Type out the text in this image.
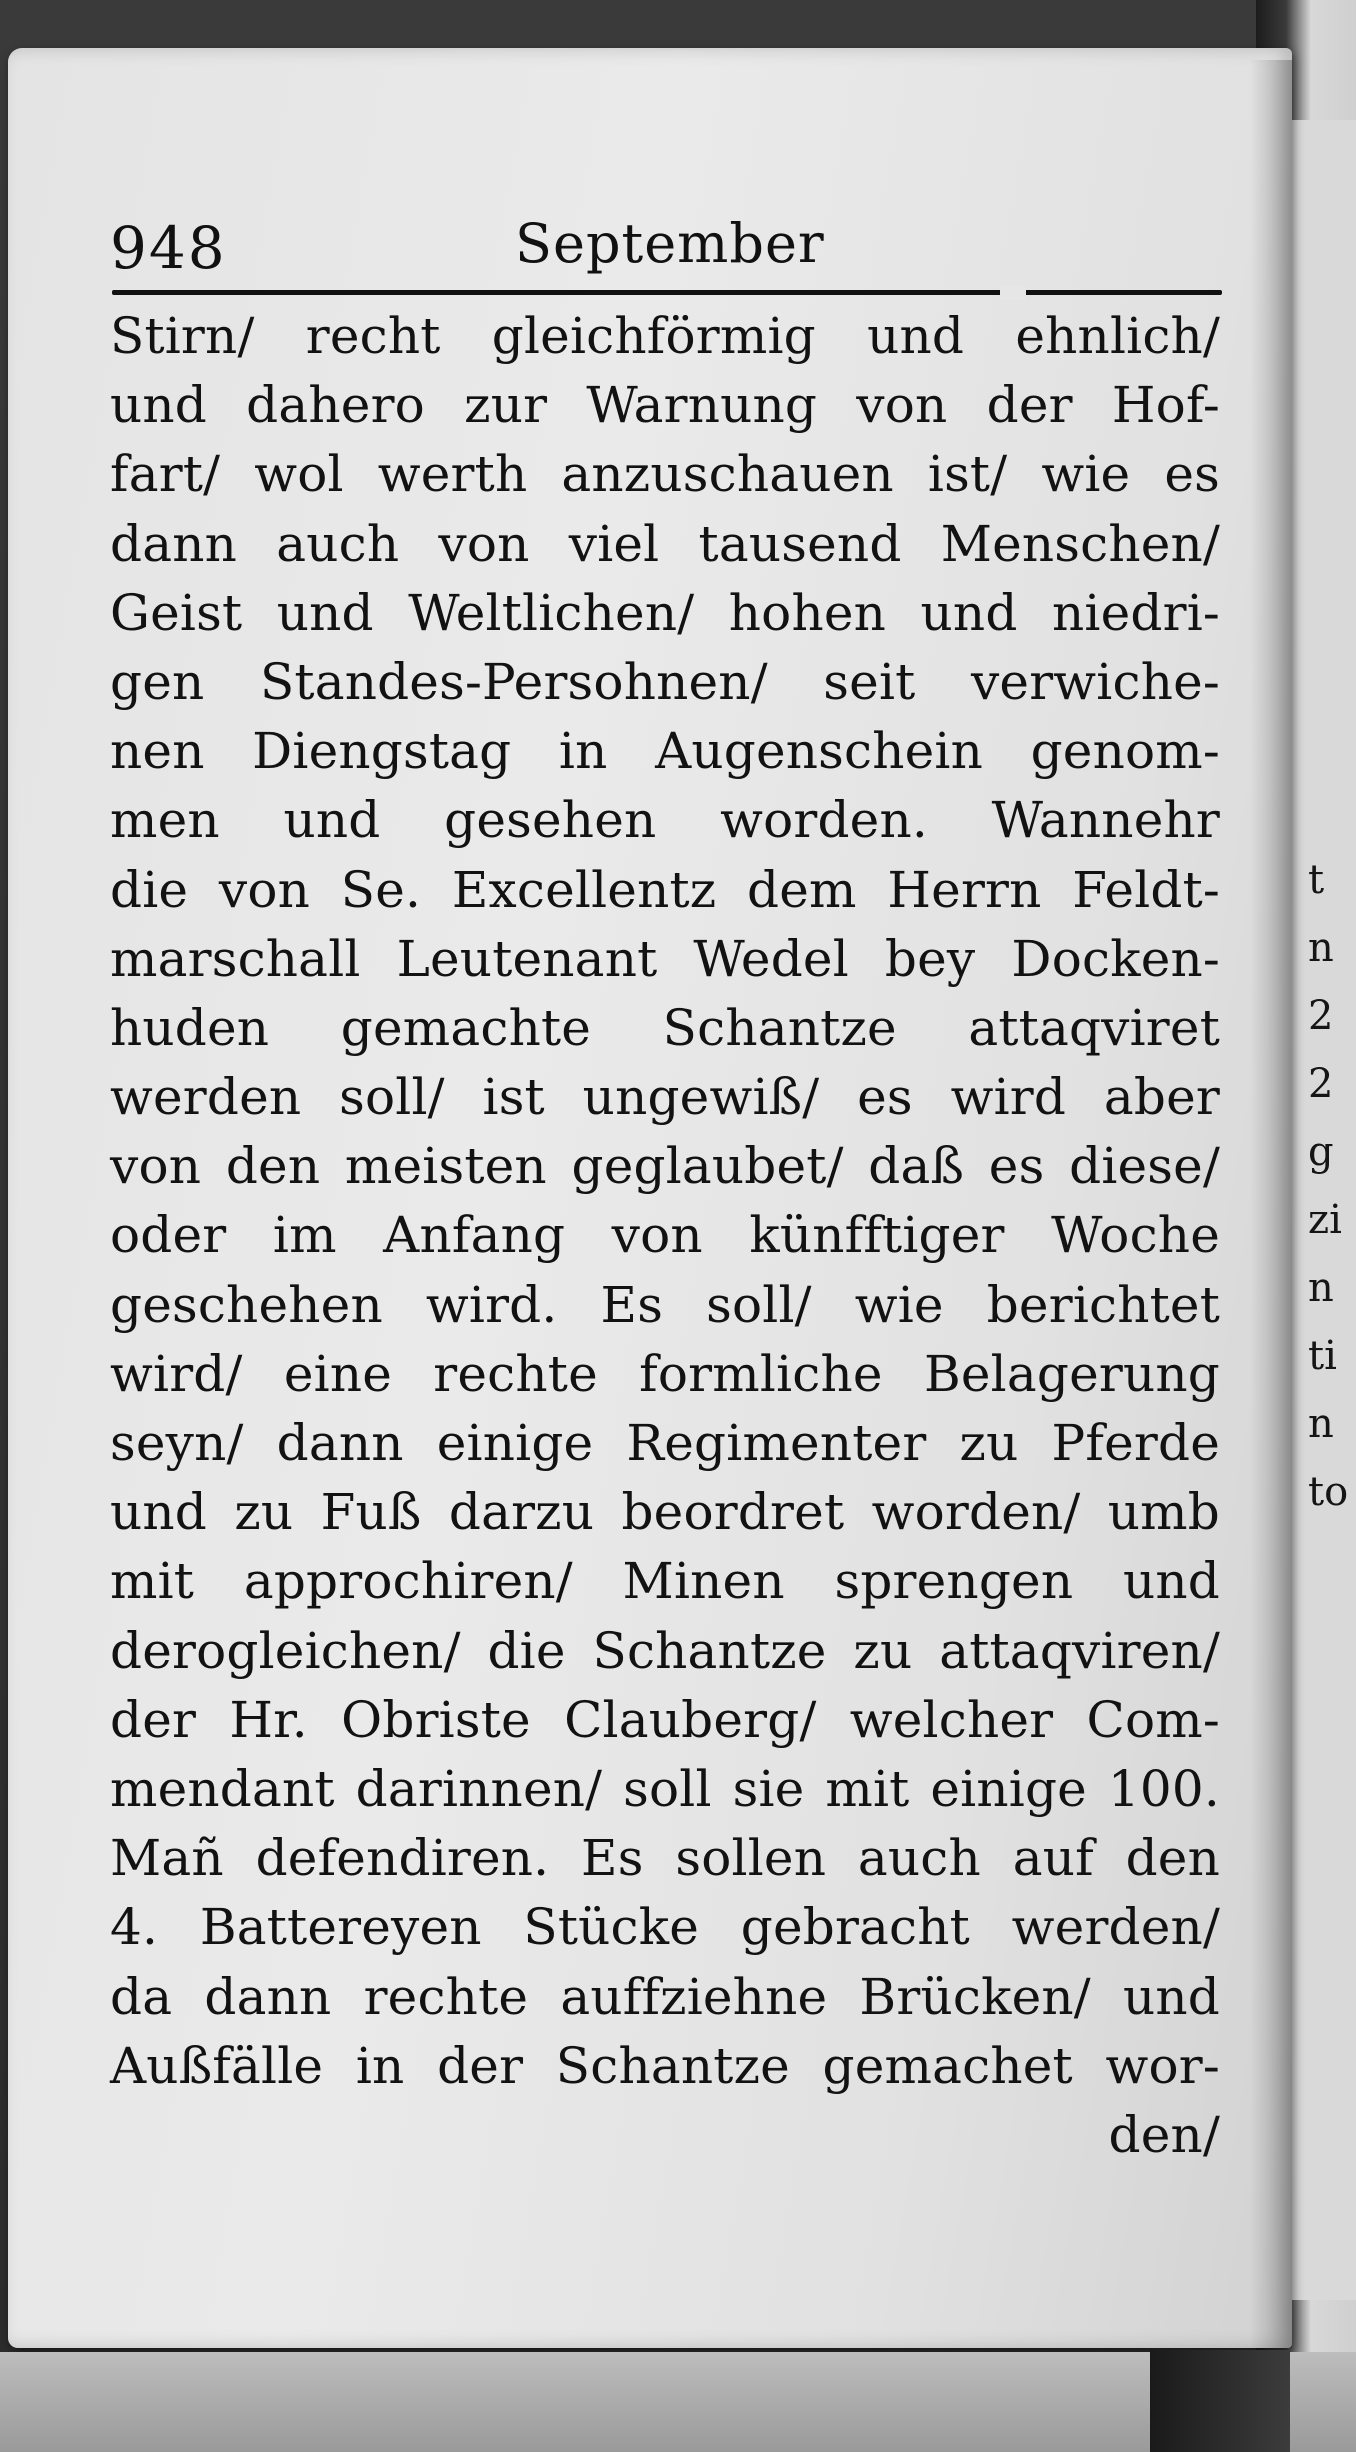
t
n
2
2
g
zi
n
ti
n
to
948	September
Stirn/ recht gleichförmig und ehnlich/
und dahero zur Warnung von der Hof-
fart/ wol werth anzuschauen ist/ wie es
dann auch von viel tausend Menschen/
Geist und Weltlichen/ hohen und niedri-
gen Standes-Persohnen/ seit verwiche-
nen Diengstag in Augenschein genom-
men und gesehen worden. Wannehr
die von Se. Excellentz dem Herrn Feldt-
marschall Leutenant Wedel bey Docken-
huden gemachte Schantze attaqviret
werden soll/ ist ungewiß/ es wird aber
von den meisten geglaubet/ daß es diese/
oder im Anfang von künfftiger Woche
geschehen wird. Es soll/ wie berichtet
wird/ eine rechte formliche Belagerung
seyn/ dann einige Regimenter zu Pferde
und zu Fuß darzu beordret worden/ umb
mit approchiren/ Minen sprengen und
derogleichen/ die Schantze zu attaqviren/
der Hr. Obriste Clauberg/ welcher Com-
mendant darinnen/ soll sie mit einige 100.
Mañ defendiren. Es sollen auch auf den
4. Battereyen Stücke gebracht werden/
da dann rechte auffziehne Brücken/ und
Außfälle in der Schantze gemachet wor-
den/
